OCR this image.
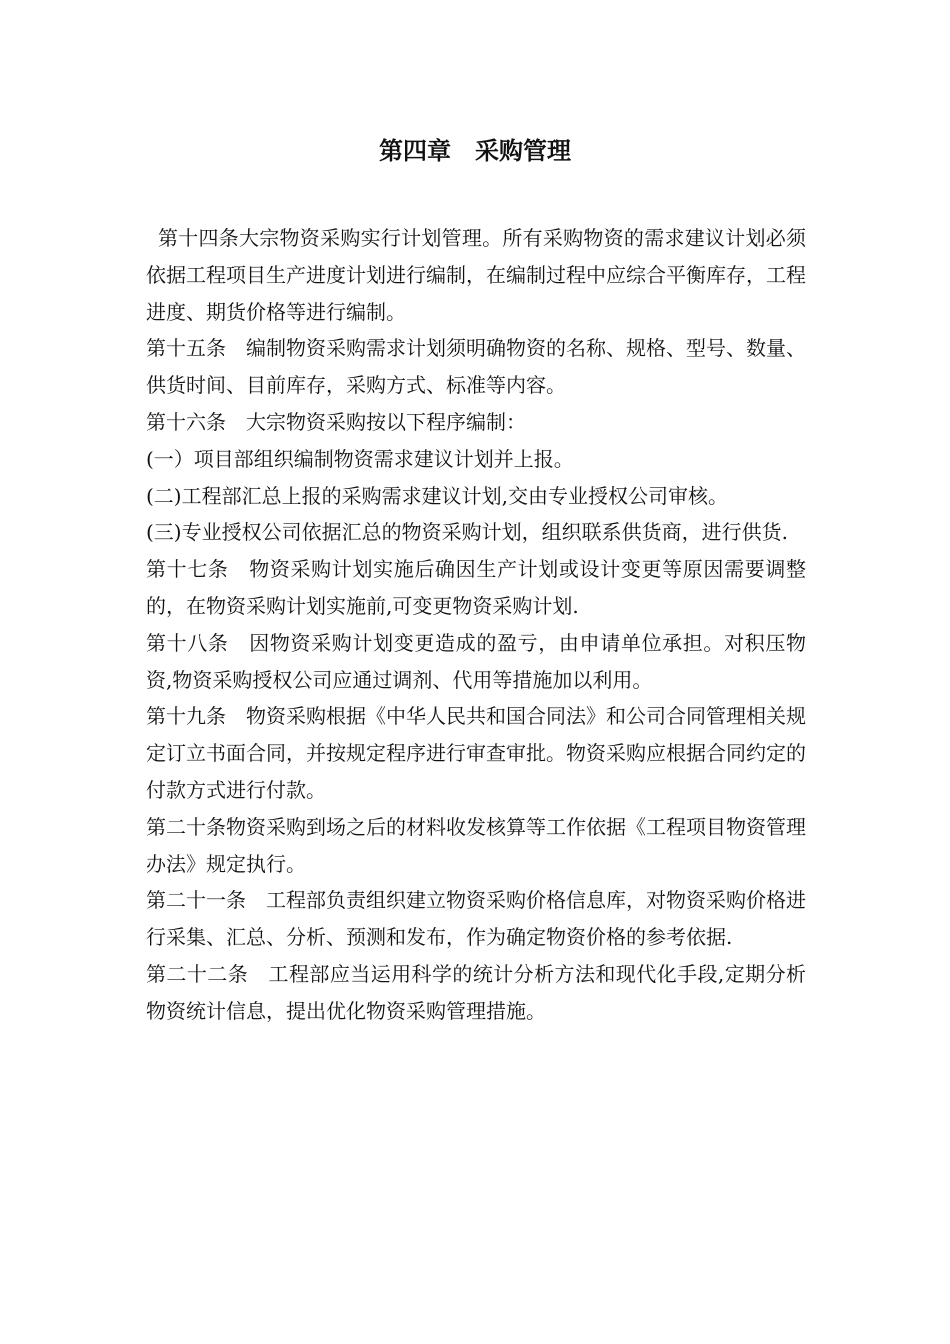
第四章　采购管理

第十四条大宗物资采购实行计划管理。所有采购物资的需求建议计划必须依据工程项目生产进度计划进行编制，在编制过程中应综合平衡库存，工程进度、期货价格等进行编制。

第十五条　编制物资采购需求计划须明确物资的名称、规格、型号、数量、供货时间、目前库存，采购方式、标准等内容。

第十六条　大宗物资采购按以下程序编制：

(一）项目部组织编制物资需求建议计划并上报。

(二)工程部汇总上报的采购需求建议计划,交由专业授权公司审核。

(三)专业授权公司依据汇总的物资采购计划，组织联系供货商，进行供货.

第十七条　物资采购计划实施后确因生产计划或设计变更等原因需要调整的，在物资采购计划实施前,可变更物资采购计划.

第十八条　因物资采购计划变更造成的盈亏，由申请单位承担。对积压物资,物资采购授权公司应通过调剂、代用等措施加以利用。

第十九条　物资采购根据《中华人民共和国合同法》和公司合同管理相关规定订立书面合同，并按规定程序进行审查审批。物资采购应根据合同约定的付款方式进行付款。

第二十条物资采购到场之后的材料收发核算等工作依据《工程项目物资管理办法》规定执行。

第二十一条　工程部负责组织建立物资采购价格信息库，对物资采购价格进行采集、汇总、分析、预测和发布，作为确定物资价格的参考依据.

第二十二条　工程部应当运用科学的统计分析方法和现代化手段,定期分析物资统计信息，提出优化物资采购管理措施。
